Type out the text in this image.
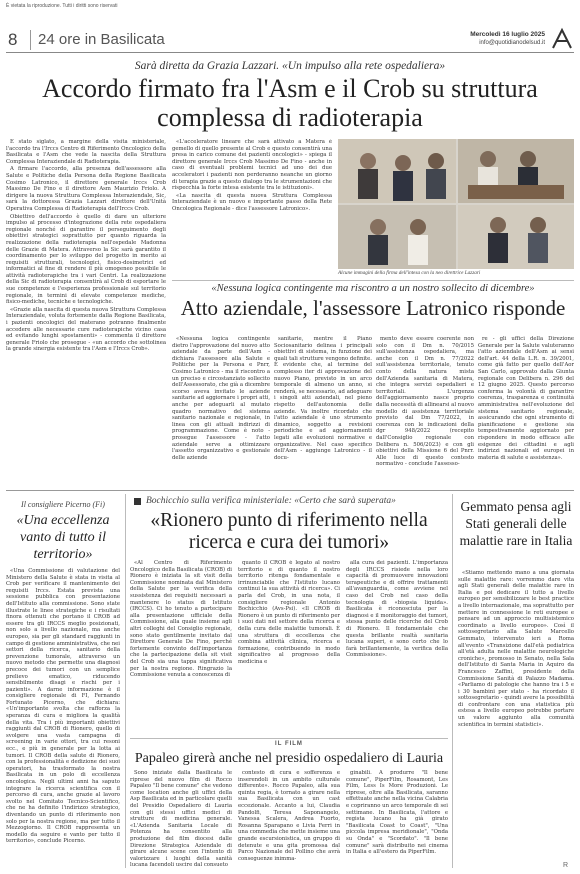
È vietata la riproduzione. Tutti i diritti sono riservati
8 24 ore in Basilicata	Mercoledì 16 luglio 2025
info@quotidianodelsud.it
Sarà diretta da Grazia Lazzari. «Un impulso alla rete ospedaliera»
Accordo firmato fra l'Asm e il Crob su struttura complessa di radioterapia

È stato siglato, a margine della visita ministeriale, l'accordo tra l'Irccs Centro di Riferimento Oncologico della Basilicata e l'Asm che vede la nascita della Struttura Complessa Interaziendale di Radioterapia.

A firmare l'accordo, alla presenza dell'assessore alla Salute e Politiche della Persona della Regione Basilicata Cosimo Latronico, il direttore generale Irccs Crob Massimo De Fino e il direttore Asm Maurizio Friolo. A dirigere la nuova Struttura Complessa Interaziendale, Sic, sarà la dottoressa Grazia Lazzari direttore dell'Unità Operativa Complessa di Radioterapia dell'Irccs Crob.

Obiettivo dell'accordo è quello di dare un ulteriore impulso al processo d'integrazione della rete ospedaliera regionale nonché di garantire il perseguimento degli obiettivi strategici soprattutto per quanto riguarda la realizzazione della radioterapia nell'ospedale Madonna delle Grazie di Matera. Attraverso la Sic sarà garantito il coordinamento per lo sviluppo del progetto in merito ai requisiti strutturali, tecnologici, fisico-dosimetrici ed informatici al fine di rendere il più omogeneo possibile le attività radioterapiche tra i vari Centri. La realizzazione della Sic di radioterapia consentirà al Crob di esportare le sue competenze e l'esperienza professionale sul territorio regionale, in termini di elevate competenze mediche, fisico-mediche, tecniche e tecnologiche.

«Grazie alla nascita di questa nuova Struttura Complessa Interaziendale, voluta fortemente dalla Regione Basilicata, i pazienti oncologici del materano potranno finalmente accedere alle necessarie cure radioterapiche vicino casa ed evitando lunghi spostamenti» - commenta il direttore generale Friolo che prosegue - «un accordo che sottolinea la grande sinergia esistente tra l'Asm e l'Irccs Crob».

«L'acceleratore lineare che sarà attivato a Matera è gemello di quello presente al Crob e questo consentirà una presa in carico comune dei pazienti oncologici» - spiega il direttore generale Irccs Crob Massimo De Fino - anche in caso di eventuali problemi tecnici ad uno dei due acceleratori i pazienti non perderanno neanche un giorno di terapia grazie a questo dialogo tra le strumentazioni che rispecchia la forte intesa esistente tra le istituzioni».

«La nascita di questa nuova Struttura Complessa Interaziendale è un nuovo e importante passo della Rete Oncologica Regionale - dice l'assessore Latronico».

Alcune immagini della firma dell'intesa con la neo direttrice Lazzari
«Nessuna logica contingente ma riscontro a un nostro sollecito di dicembre»
Atto aziendale, l'assessore Latronico risponde

«Nessuna logica contingente dietro l'approvazione del nuovo atto aziendale da parte dell'Asm - dichiara l'assessore alla Salute e Politiche per la Persona e Pnrr, Cosimo Latronico - ma il riscontro a un preciso e circostanziato sollecito dell'Assessorato, che già a dicembre scorso aveva invitato le aziende sanitarie ad aggiornare i propri atti, anche per adeguarli al mutato quadro normativo del sistema sanitario nazionale e regionale, in linea con gli attuali indirizzi di programmazione. Come è noto - prosegue l'assessore - l'atto aziendale serve a ottimizzare l'assetto organizzativo e gestionale delle aziende

sanitarie, mentre il Piano Sociosanitario delinea i principali obiettivi di sistema, in funzione dei quali tali strutture vengono definite. È evidente che, al termine del complesso iter di approvazione del nuovo Piano, previsto in un arco temporale di almeno un anno, si renderà, se necessario, ad adeguare i singoli atti aziendali, nel pieno rispetto dell'autonomia delle aziende. Va inoltre ricordato che l'atto aziendale è uno strumento dinamico, soggetto a revisioni periodiche e ad aggiornamenti legati alle evoluzioni normative e organizzative. Nel caso specifico dell'Asm - aggiunge Latronico - il docu-

mento deve essere coerente non solo con il Dm n. 70/2015 sull'assistenza ospedaliera, ma anche con il Dm n. 77/2022 sull'assistenza territoriale, tenuto conto della natura mista dell'Azienda sanitaria di Matera, che integra servizi ospedalieri e territoriali. L'urgenza dell'aggiornamento nasce proprio dalla necessità di allinearsi al nuovo modello di assistenza territoriale previsto dal Dm 77/2022, in coerenza con le indicazioni della dgr 948/2022 (recepito dall'Consiglio regionale con Delibera n. 506/2023) e con gli obiettivi della Missione 6 del Pnrr. Alle luce di questo contesto normativo - conclude l'assesso-

re - gli uffici della Direzione Generale per la Salute valuteranno l'atto aziendale dell'Asm ai sensi dell'art. 44 della L.R. n. 39/2001, come già fatto per quello dell'Aor San Carlo, approvato dalla Giunta regionale con Delibera n. 296 del 12 giugno 2025. Questo percorso conferma la volontà di garantire coerenza, trasparenza e continuità amministrativa nell'evoluzione del sistema sanitario regionale, assicurando che ogni strumento di pianificazione e gestione sia tempestivamente aggiornato per rispondere in modo efficace alle esigenze dei cittadini e agli indirizzi nazionali ed europei in materia di salute e assistenza».

Il consigliere Picerno (Fi)
«Una eccellenza vanto di tutto il territorio»

«Una Commissione di valutazione del Ministero della Salute è stata in visita al Crob per verificare il mantenimento dei requisiti Irccs. Estata prevista una sessione pubblica con presentazione dell'Istituto alla commissione. Sono state illustrate le linee strategiche e i risultati finora ottenuti che portano il CROB ad essere tra gli IRCCS meglio posizionati, non solo a livello nazionale, ma anche europeo, sia per gli standard raggiunti in campo di gestione amministrativa, che nei settori della ricerca, sanitario della prevenzione tumorale, attraverso un nuovo metodo che permette una diagnosi precoce dei tumori con un semplice prelievo ematico, riducendo sensibilmente disagi e rischi per i pazienti». A darne informazione è il consigliere regionale di FI, Fernando Fortunato Picerno, che dichiara: «Un'importante svolta che rafforza la speranza di cura e migliora la qualità della vita. Tra i più importanti obiettivi raggiunti dal CROB di Rionero, quello di svolgere una vasta campagna di screening in varie ottori, tra cui resoni ecc., e più in generale per la lotta ai tumori. Il CROB della salute di Rionero, con la professionalità e dedizione dei suoi operatori, ha trasformato la nostra Basilicata in un polo di eccellenza oncologica. Negli ultimi anni ha saputo integrare la ricerca scientifica con il percorso di cura, anche grazie al lavoro svolto nel Comitato Tecnico-Scientifico, che ne ha definito l'indirizzo strategico, diventando un punto di riferimento non solo per la nostra regione, ma per tutto il Mezzogiorno. Il CROB rappresenta un modello da seguire e vanto per tutto il territorio», conclude Picerno.

Bochicchio sulla verifica ministeriale: «Certo che sarà superata»
«Rionero punto di riferimento nella ricerca e cura dei tumori»

«Al Centro di Riferimento Oncologico della Basilicata (CROB) di Rionero è iniziata la sit visit della Commissione nominata dal Ministero della Salute per la verifica della sussistenza dei requisiti necessari a mantenere lo status di Istituto (IRCCS). Ci ho tenuto a partecipare alla presentazione ufficiale della Commissione, alla quale insieme agli altri colleghi del Consiglio regionale, sono stato gentilmente invitato dal Direttore Generale De Fino, perché fortemente convinto dell'importanza che la partecipazione della sit visit del Crob sia una tappa significativa per la nostra regione. Ringrazio la Commissione venuta a conoscenza di

quanto il CROB è legato al nostro territorio e di quanto il nostro territorio ritenga fondamentale e irrinunciabile che l'Istituto lucano continui la sua attività di ricerca». Ci parla del Crob, in una nota, il consigliere regionale Antonio Bochicchio (Avs-Psi). «Il CROB di Rionero è un punto di riferimento per i suoi dati nel settore della ricerca e della cura delle malattie tumorali. È una struttura di eccellenza che combina attività clinica, ricerca e formazione, contribuendo in modo significativo al progresso della medicina e

alla cura dei pazienti. L'importanza degli IRCCS risiede nella loro capacità di promuovere innovazioni terapeutiche e di offrire trattamenti all'avanguardia, come avviene nel caso del Crob nel caso della tecnologia di «biopsia liquida». Basilicata è riconosciuta per la diagnosi e il monitoraggio dei tumori, stessa punto delle ricerche del Crob di Rionero. Il fondamentale che questa brillante realtà sanitaria lucana superi, e sono certo che lo farà brillantemente, la verifica della Commissione».

IL FILM
Papaleo girerà anche nel presidio ospedaliero di Lauria

Sono iniziate dalla Basilicata le riprese del nuovo film di Rocco Papaleo "Il bene comune" che vedono come location anche gli uffici della Asp Basilicata ed in particolare quelli del Presidio Ospedaliero di Lauria con gli stessi uffici medici di strutture di medicina generale. «L'Azienda Sanitaria Locale di Potenza ha consentito alla produzione del film diocesi dalle Direzione Strategica Aziendale di girare alcune scene con l'intento di valorizzare i luoghi della sanità lucana facendoli uscire dal consueto

contesto di cura e sofferenza e inserendoli in un ambito culturale differente». Rocco Papaleo, alla sua quinta regia, è tornato a girare nella sua Basilicata con un cast eccezionale. Accanto a lui, Claudia Pandolfi, Teresa Saponangelo, Vanessa Scalera, Andrea Fuorto, Rosanna Sparapano e Livia Ferri in una commedia che mette insieme una grande escursionistica, un gruppo di detenute e una gita promossa dal Parco Nazionale del Pollino che avrà conseguenze inimma-

ginabili. A produrre "Il bene comune", PiperFilm, Rosamont, Les Film, Less Is More Produzioni. Le riprese, oltre alla Basilicata, saranno effettuate anche nella vicina Calabria e copriranno un arco temporale di sei settimane. In Basilicata, l'attore e regista lucano ha già girato "Basilicata Coast to Coast", "Una piccola impresa meridionale", "Onda su Onda" e "Scordato". "Il bene comune" sarà distribuito nei cinema in Italia e all'estero da PiperFilm.

Gemmato pensa agli Stati generali delle malattie rare in Italia

«Stiamo mettendo mano a una giornata sulle malattie rare: vorremmo dare vita agli Stati generali delle malattie rare in Italia e poi dedicare il tutto a livello europeo per sensibilizzare le best practice a livello internazionale, ma soprattutto per mettere in connessione le reti europee e pensare ad un approccio multisistemico coordinato a livello europeo». Così il sottosegretario alla Salute Marcello Gemmato, intervenuto ieri a Roma all'evento «Transizione dall'età pediatrica all'età adulta nelle malattie neurologiche croniche», promosso in Senato, nella Sala dell'Istituto di Santa Maria in Aquiro da Francesco Zaffini, presidente della Commissione Sanità di Palazzo Madama. «Parliamo di patologie che hanno tra i 5 e i 30 bambini per stato - ha ricordato il sottosegretario - quindi avere la possibilità di confrontare con una statistica più estesa a livello europeo potrebbe portare un valore aggiunto alla comunità scientifica in termini statistici».

R
